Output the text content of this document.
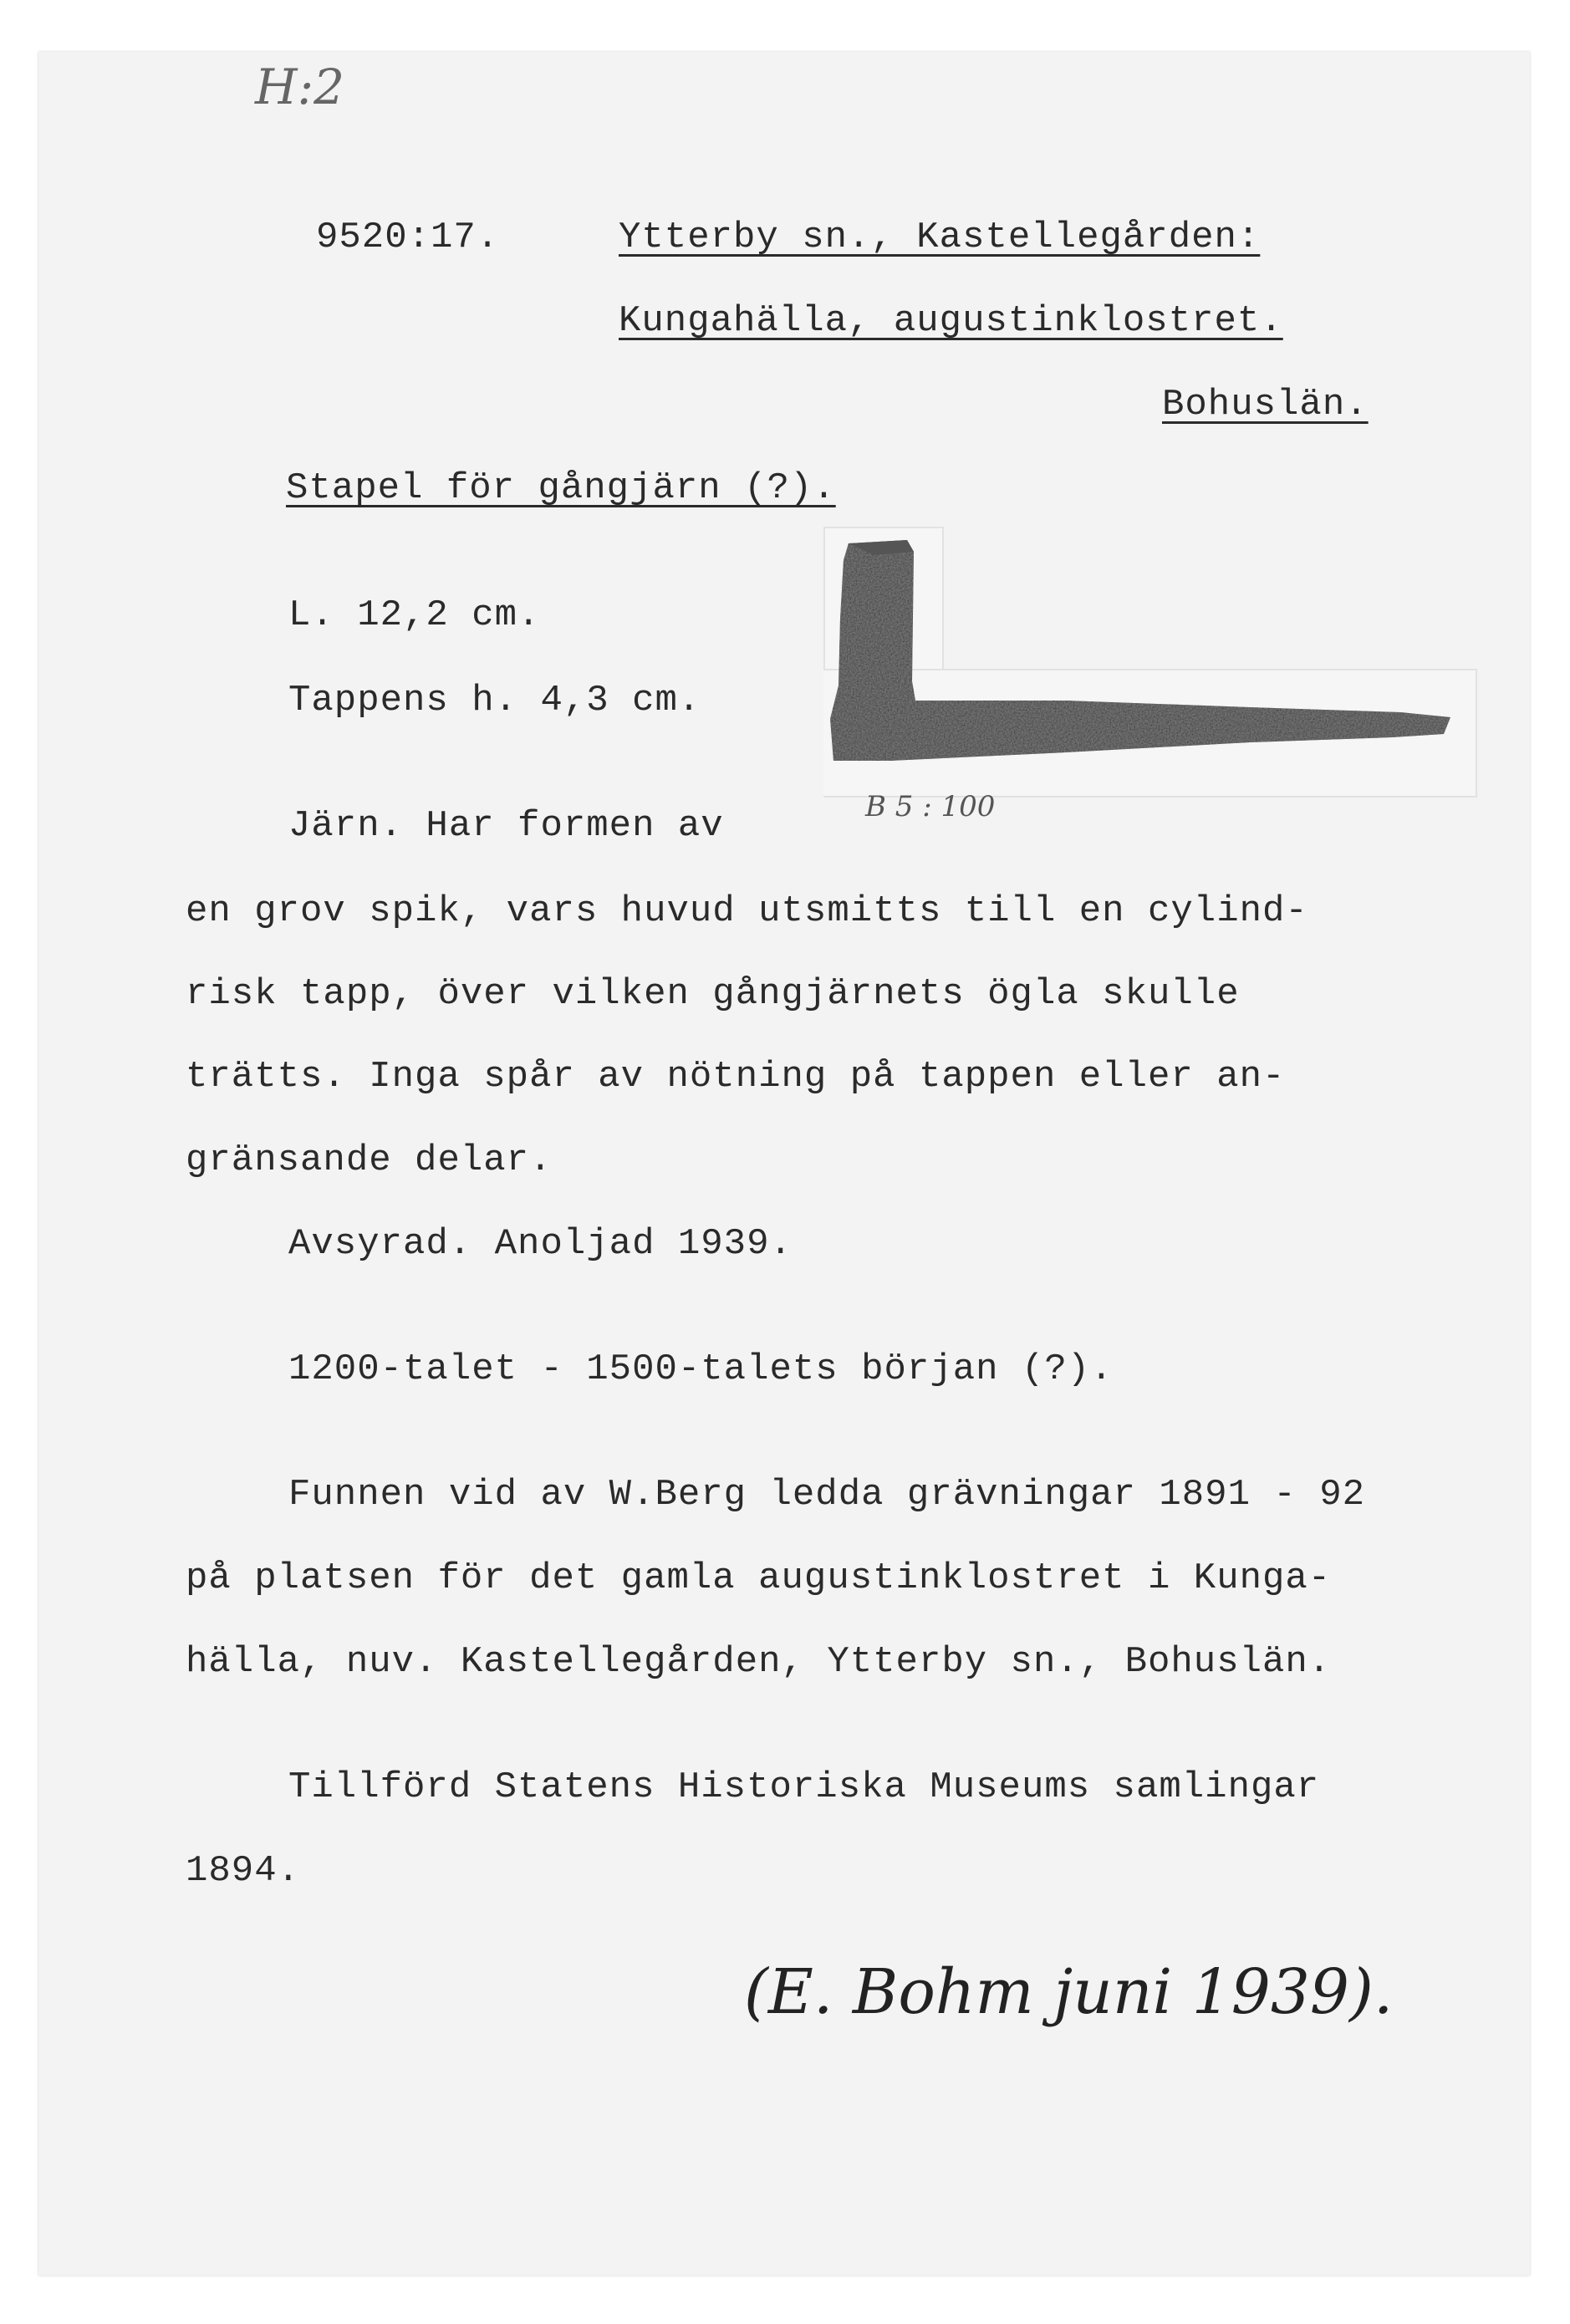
H:2
9520:17.	Ytterby sn., Kastellegården:
Kungahälla, augustinklostret.
Bohuslän.
Stapel för gångjärn (?).
L. 12,2 cm.
Tappens h. 4,3 cm.
B 5 : 100
Järn. Har formen av
en grov spik, vars huvud utsmitts till en cylind-
risk tapp, över vilken gångjärnets ögla skulle
trätts. Inga spår av nötning på tappen eller an-
gränsande delar.
Avsyrad. Anoljad 1939.
1200-talet - 1500-talets början (?).
Funnen vid av W.Berg ledda grävningar 1891 - 92
på platsen för det gamla augustinklostret i Kunga-
hälla, nuv. Kastellegården, Ytterby sn., Bohuslän.
Tillförd Statens Historiska Museums samlingar
1894.
(E. Bohm juni 1939).
